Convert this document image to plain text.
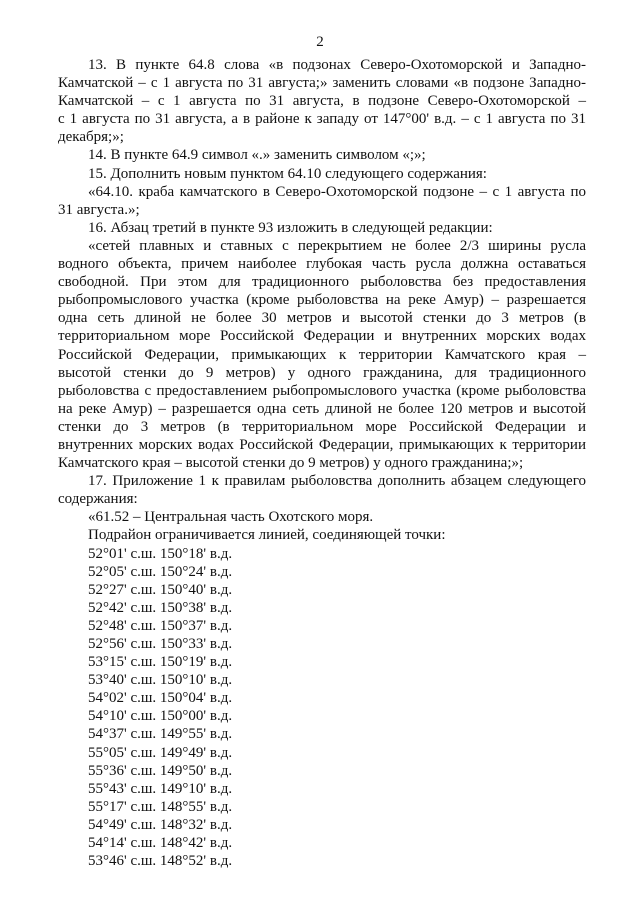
2
13. В пункте 64.8 слова «в подзонах Северо-Охотоморской и Западно-
Камчатской – с 1 августа по 31 августа;» заменить словами «в подзоне Западно-
Камчатской – с 1 августа по 31 августа, в подзоне Северо-Охотоморской –
с 1 августа по 31 августа, а в районе к западу от 147°00' в.д. – с 1 августа по 31
декабря;»;
14. В пункте 64.9 символ «.» заменить символом «;»;
15. Дополнить новым пунктом 64.10 следующего содержания:
«64.10. краба камчатского в Северо-Охотоморской подзоне – с 1 августа по
31 августа.»;
16. Абзац третий в пункте 93 изложить в следующей редакции:
«сетей плавных и ставных с перекрытием не более 2/3 ширины русла
водного объекта, причем наиболее глубокая часть русла должна оставаться
свободной. При этом для традиционного рыболовства без предоставления
рыбопромыслового участка (кроме рыболовства на реке Амур) – разрешается
одна сеть длиной не более 30 метров и высотой стенки до 3 метров (в
территориальном море Российской Федерации и внутренних морских водах
Российской Федерации, примыкающих к территории Камчатского края –
высотой стенки до 9 метров) у одного гражданина, для традиционного
рыболовства с предоставлением рыбопромыслового участка (кроме рыболовства
на реке Амур) – разрешается одна сеть длиной не более 120 метров и высотой
стенки до 3 метров (в территориальном море Российской Федерации и
внутренних морских водах Российской Федерации, примыкающих к территории
Камчатского края – высотой стенки до 9 метров) у одного гражданина;»;
17. Приложение 1 к правилам рыболовства дополнить абзацем следующего
содержания:
«61.52 – Центральная часть Охотского моря.
Подрайон ограничивается линией, соединяющей точки:
52°01' с.ш. 150°18' в.д.
52°05' с.ш. 150°24' в.д.
52°27' с.ш. 150°40' в.д.
52°42' с.ш. 150°38' в.д.
52°48' с.ш. 150°37' в.д.
52°56' с.ш. 150°33' в.д.
53°15' с.ш. 150°19' в.д.
53°40' с.ш. 150°10' в.д.
54°02' с.ш. 150°04' в.д.
54°10' с.ш. 150°00' в.д.
54°37' с.ш. 149°55' в.д.
55°05' с.ш. 149°49' в.д.
55°36' с.ш. 149°50' в.д.
55°43' с.ш. 149°10' в.д.
55°17' с.ш. 148°55' в.д.
54°49' с.ш. 148°32' в.д.
54°14' с.ш. 148°42' в.д.
53°46' с.ш. 148°52' в.д.
